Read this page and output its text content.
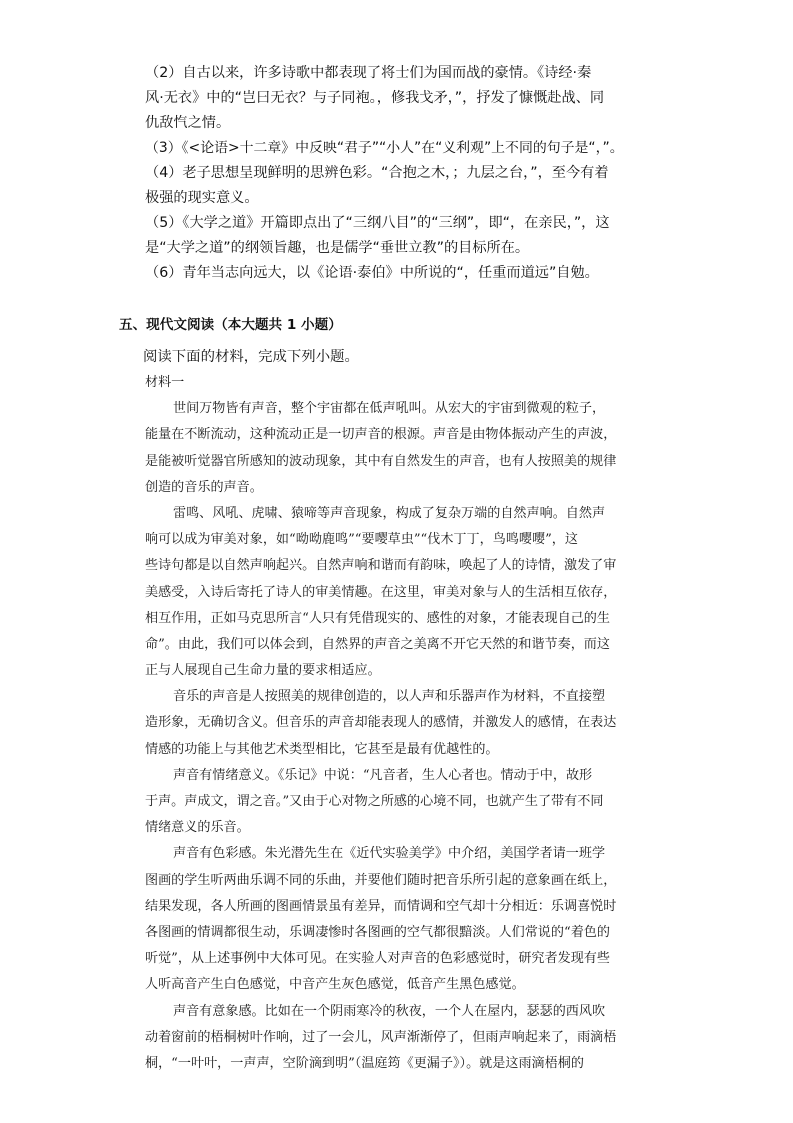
（2）自古以来，许多诗歌中都表现了将士们为国而战的豪情。《诗经·秦
风·无衣》中的“岂曰无衣？与子同袍。，修我戈矛，”，抒发了慷慨赴战、同
仇敌忾之情。
（3）《<论语>十二章》中反映“君子”“小人”在“义利观”上不同的句子是“，”。
（4）老子思想呈现鲜明的思辨色彩。“合抱之木，；九层之台，”，至今有着
极强的现实意义。
（5）《大学之道》开篇即点出了“三纲八目”的“三纲”，即“，在亲民，”，这
是“大学之道”的纲领旨趣，也是儒学“垂世立教”的目标所在。
（6）青年当志向远大，以《论语·泰伯》中所说的“，任重而道远”自勉。
五、现代文阅读（本大题共 1 小题）
阅读下面的材料，完成下列小题。
材料一
世间万物皆有声音，整个宇宙都在低声吼叫。从宏大的宇宙到微观的粒子，
能量在不断流动，这种流动正是一切声音的根源。声音是由物体振动产生的声波，
是能被听觉器官所感知的波动现象，其中有自然发生的声音，也有人按照美的规律
创造的音乐的声音。
雷鸣、风吼、虎啸、猿啼等声音现象，构成了复杂万端的自然声响。自然声
响可以成为审美对象，如“呦呦鹿鸣”“要嘤草虫”“伐木丁丁，鸟鸣嘤嘤”，这
些诗句都是以自然声响起兴。自然声响和谐而有韵味，唤起了人的诗情，激发了审
美感受，入诗后寄托了诗人的审美情趣。在这里，审美对象与人的生活相互依存，
相互作用，正如马克思所言“人只有凭借现实的、感性的对象，才能表现自己的生
命”。由此，我们可以体会到，自然界的声音之美离不开它天然的和谐节奏，而这
正与人展现自己生命力量的要求相适应。
音乐的声音是人按照美的规律创造的，以人声和乐器声作为材料，不直接塑
造形象，无确切含义。但音乐的声音却能表现人的感情，并激发人的感情，在表达
情感的功能上与其他艺术类型相比，它甚至是最有优越性的。
声音有情绪意义。《乐记》中说：“凡音者，生人心者也。情动于中，故形
于声。声成文，谓之音。”又由于心对物之所感的心境不同，也就产生了带有不同
情绪意义的乐音。
声音有色彩感。朱光潜先生在《近代实验美学》中介绍，美国学者请一班学
图画的学生听两曲乐调不同的乐曲，并要他们随时把音乐所引起的意象画在纸上，
结果发现，各人所画的图画情景虽有差异，而情调和空气却十分相近：乐调喜悦时
各图画的情调都很生动，乐调凄惨时各图画的空气都很黯淡。人们常说的“着色的
听觉”，从上述事例中大体可见。在实验人对声音的色彩感觉时，研究者发现有些
人听高音产生白色感觉，中音产生灰色感觉，低音产生黑色感觉。
声音有意象感。比如在一个阴雨寒冷的秋夜，一个人在屋内，瑟瑟的西风吹
动着窗前的梧桐树叶作响，过了一会儿，风声渐渐停了，但雨声响起来了，雨滴梧
桐，“一叶叶，一声声，空阶滴到明”（温庭筠《更漏子》）。就是这雨滴梧桐的
